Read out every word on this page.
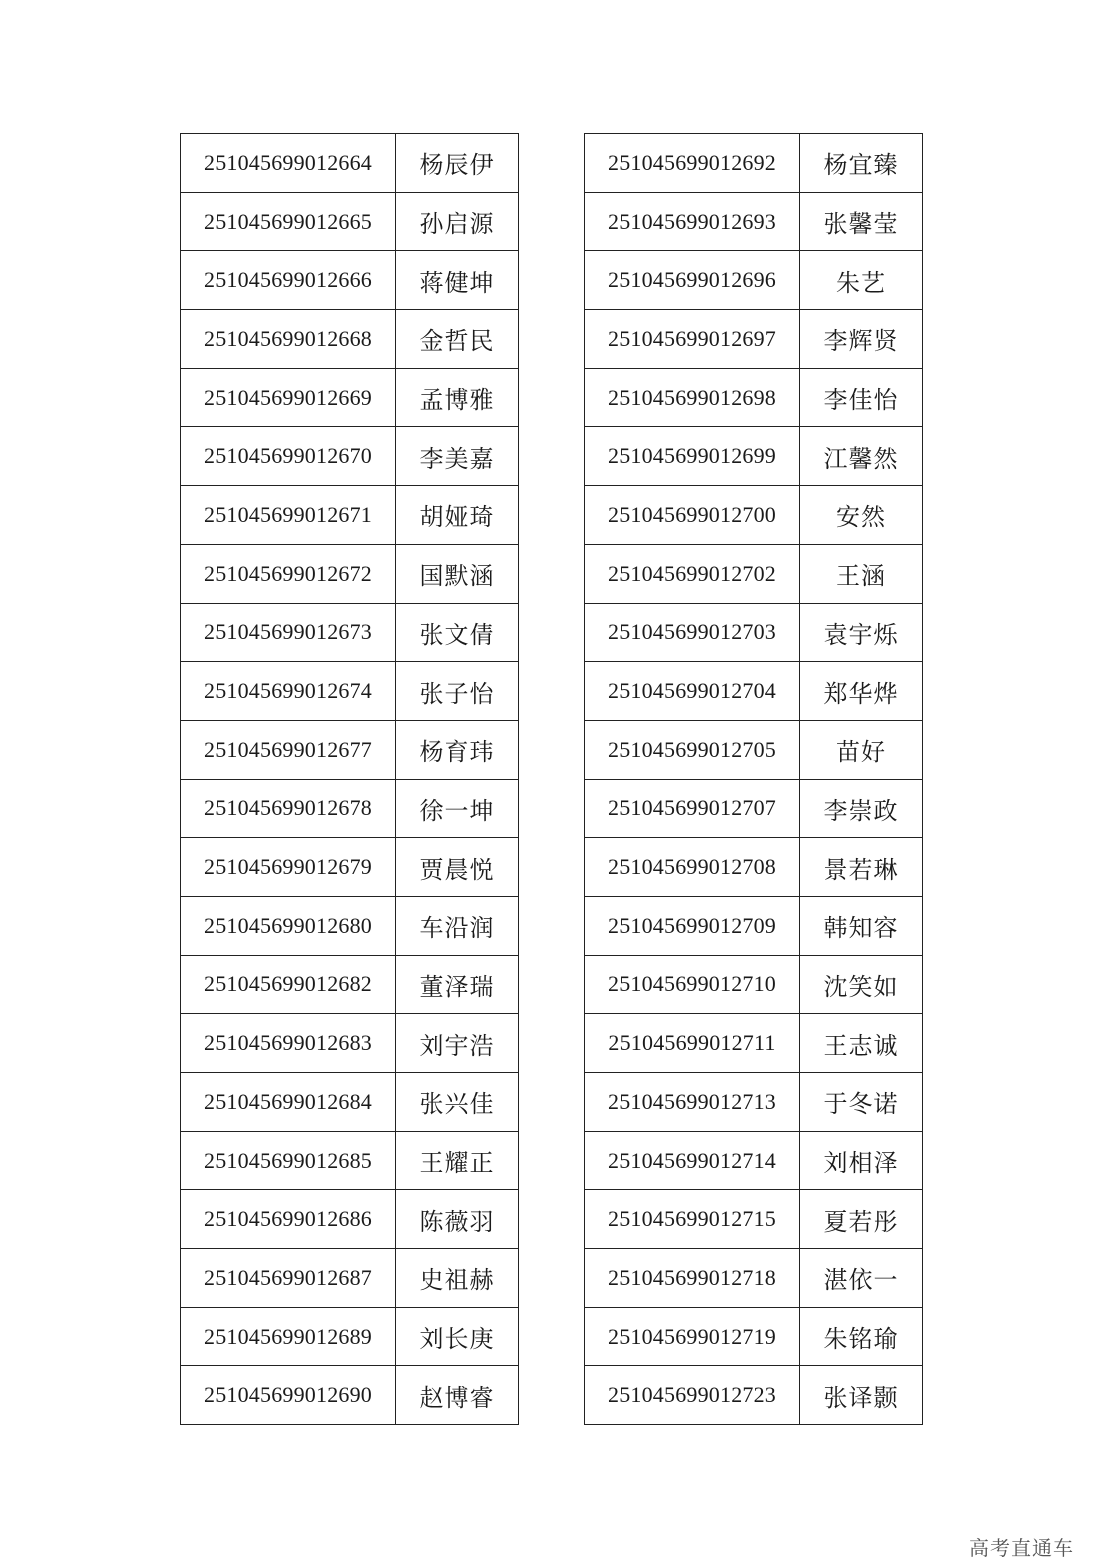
251045699012664	杨辰伊
251045699012665	孙启源
251045699012666	蒋健坤
251045699012668	金哲民
251045699012669	孟博雅
251045699012670	李美嘉
251045699012671	胡娅琦
251045699012672	国默涵
251045699012673	张文倩
251045699012674	张子怡
251045699012677	杨育玮
251045699012678	徐一坤
251045699012679	贾晨悦
251045699012680	车沿润
251045699012682	董泽瑞
251045699012683	刘宇浩
251045699012684	张兴佳
251045699012685	王耀正
251045699012686	陈薇羽
251045699012687	史祖赫
251045699012689	刘长庚
251045699012690	赵博睿
251045699012692	杨宜臻
251045699012693	张馨莹
251045699012696	朱艺
251045699012697	李辉贤
251045699012698	李佳怡
251045699012699	江馨然
251045699012700	安然
251045699012702	王涵
251045699012703	袁宇烁
251045699012704	郑华烨
251045699012705	苗好
251045699012707	李崇政
251045699012708	景若琳
251045699012709	韩知容
251045699012710	沈笑如
251045699012711	王志诚
251045699012713	于冬诺
251045699012714	刘相泽
251045699012715	夏若彤
251045699012718	湛依一
251045699012719	朱铭瑜
251045699012723	张译颢
高考直通车
